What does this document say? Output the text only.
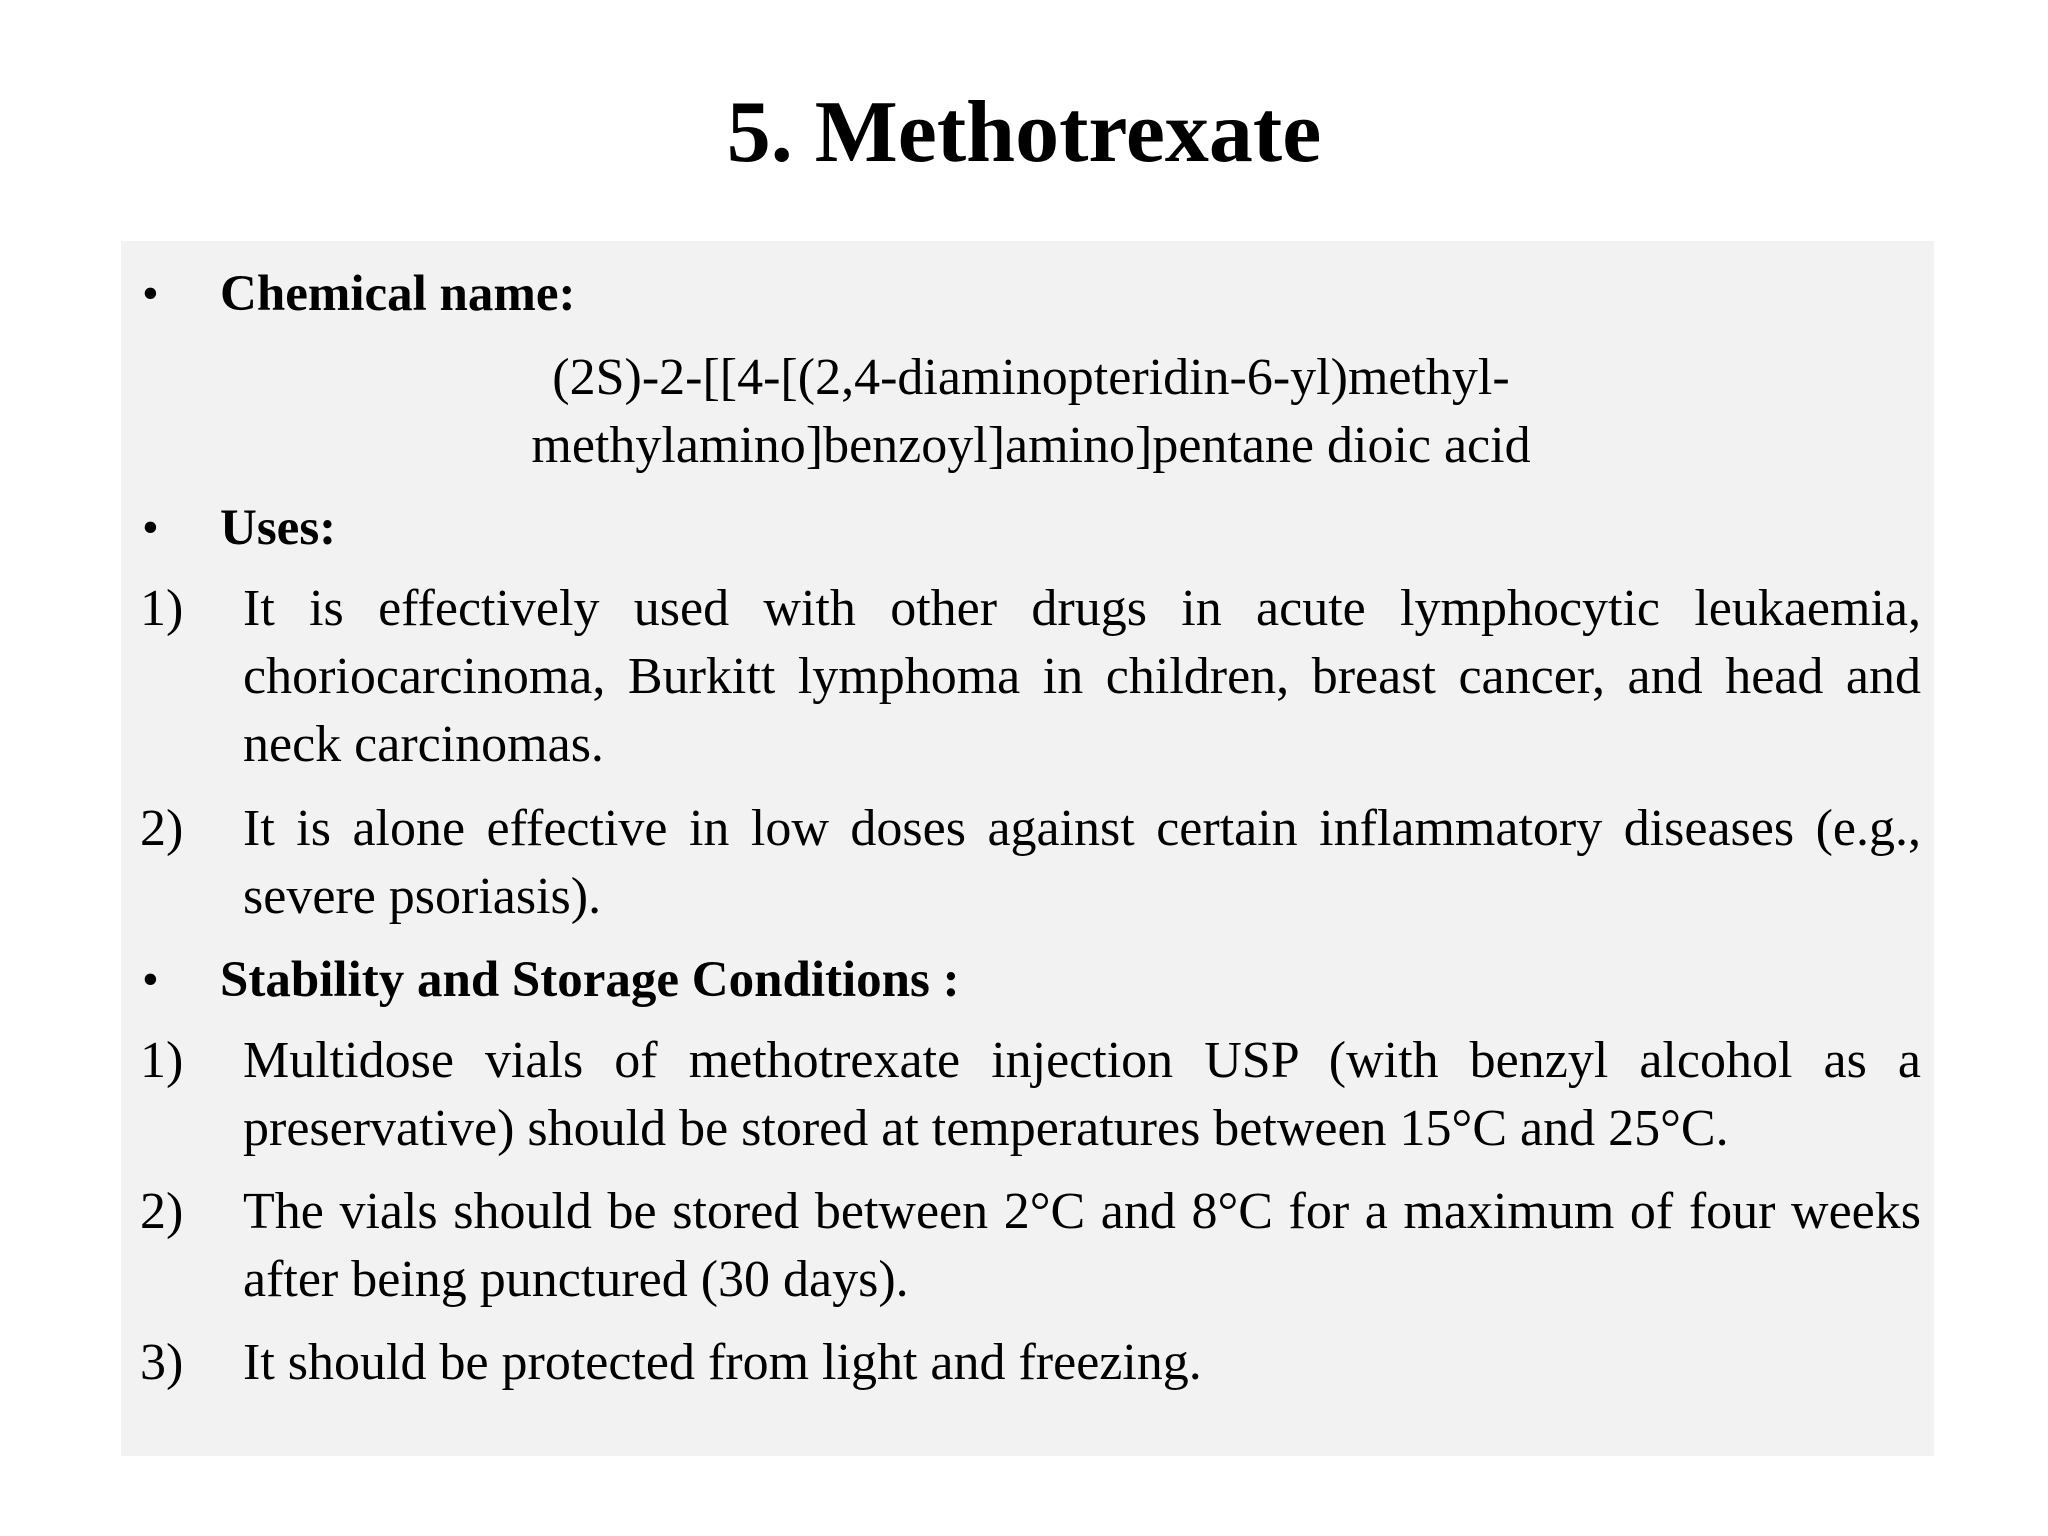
5. Methotrexate
• Chemical name:
(2S)-2-[[4-[(2,4-diaminopteridin-6-yl)methyl-
methylamino]benzoyl]amino]pentane dioic acid
• Uses:
1) It is effectively used with other drugs in acute lymphocytic leukaemia, choriocarcinoma, Burkitt lymphoma in children, breast cancer, and head and neck carcinomas.
2) It is alone effective in low doses against certain inflammatory diseases (e.g., severe psoriasis).
• Stability and Storage Conditions :
1) Multidose vials of methotrexate injection USP (with benzyl alcohol as a preservative) should be stored at temperatures between 15°C and 25°C.
2) The vials should be stored between 2°C and 8°C for a maximum of four weeks after being punctured (30 days).
3) It should be protected from light and freezing.
